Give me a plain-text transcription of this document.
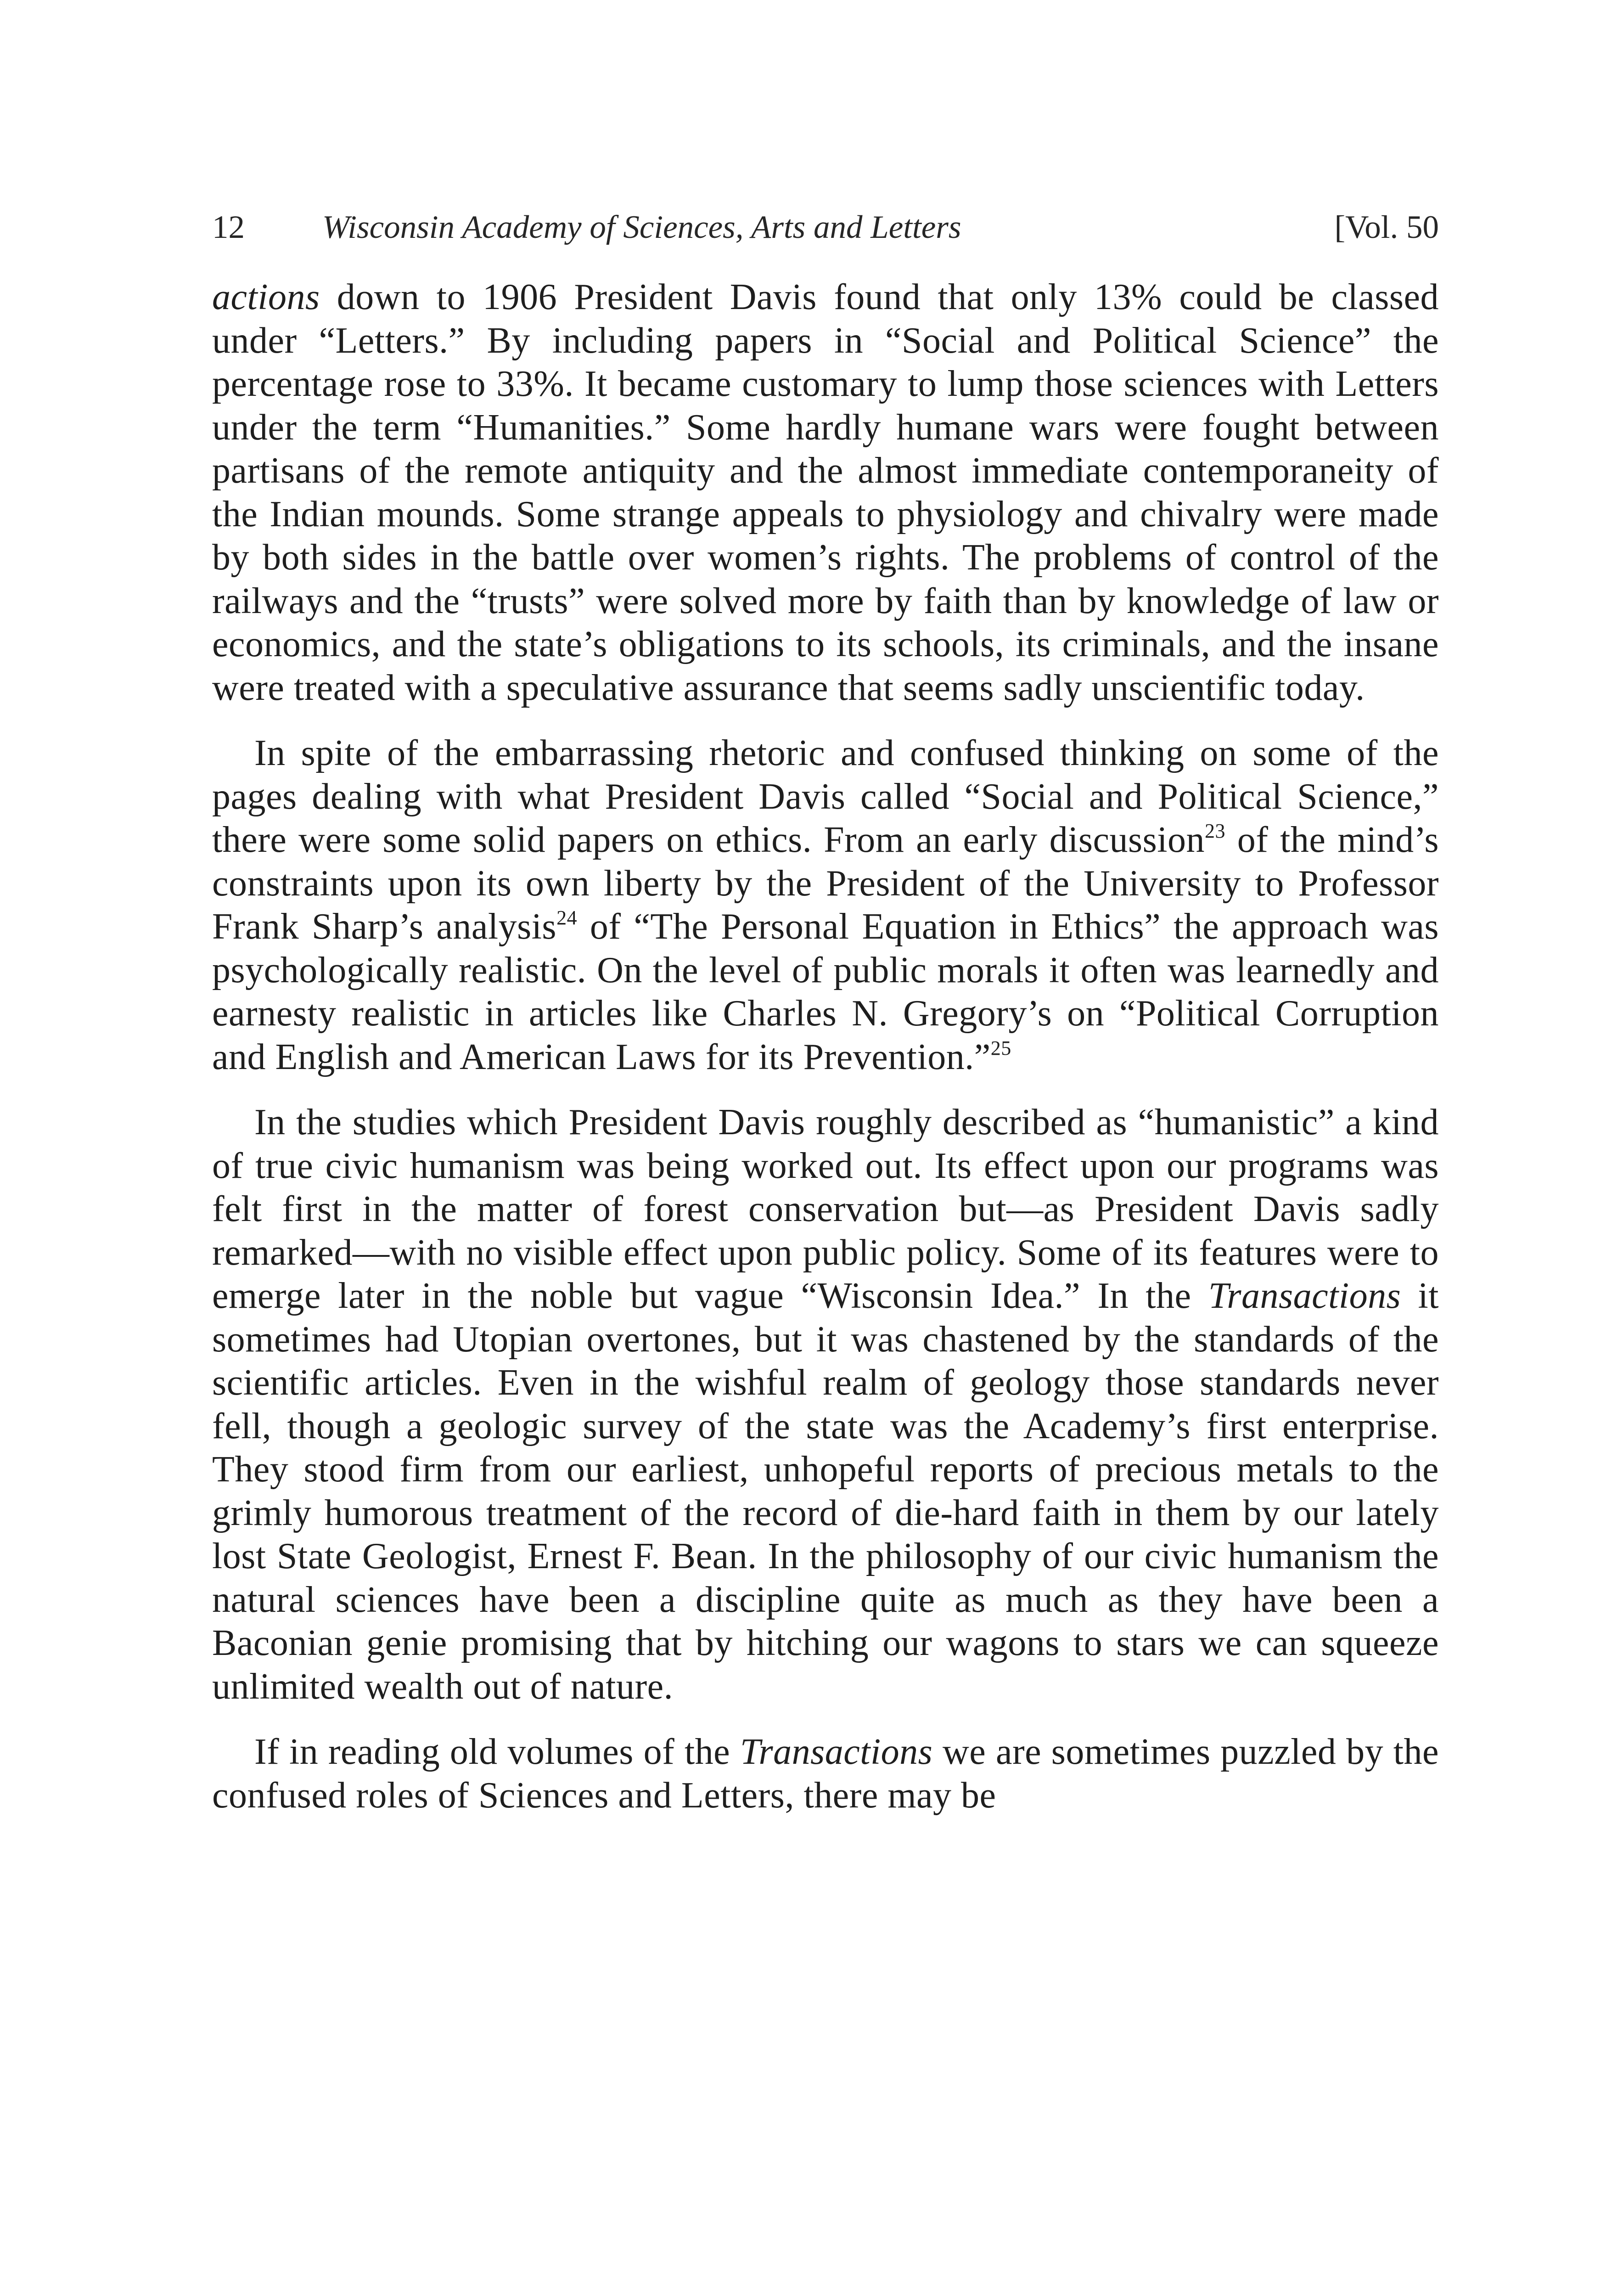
12 Wisconsin Academy of Sciences, Arts and Letters	[Vol. 50

actions down to 1906 President Davis found that only 13% could be classed under “Letters.” By including papers in “Social and Political Science” the percentage rose to 33%. It became customary to lump those sciences with Letters under the term “Humanities.” Some hardly humane wars were fought between partisans of the remote antiquity and the almost immediate contemporaneity of the Indian mounds. Some strange appeals to physiology and chivalry were made by both sides in the battle over women’s rights. The problems of control of the railways and the “trusts” were solved more by faith than by knowledge of law or economics, and the state’s obligations to its schools, its criminals, and the insane were treated with a speculative assurance that seems sadly unscientific today.

In spite of the embarrassing rhetoric and confused thinking on some of the pages dealing with what President Davis called “Social and Political Science,” there were some solid papers on ethics. From an early discussion$^{23}$ of the mind’s constraints upon its own liberty by the President of the University to Professor Frank Sharp’s analysis$^{24}$ of “The Personal Equation in Ethics” the approach was psychologically realistic. On the level of public morals it often was learnedly and earnesty realistic in articles like Charles N. Gregory’s on “Political Corruption and English and American Laws for its Prevention.”$^{25}$

In the studies which President Davis roughly described as “humanistic” a kind of true civic humanism was being worked out. Its effect upon our programs was felt first in the matter of forest conservation but—as President Davis sadly remarked—with no visible effect upon public policy. Some of its features were to emerge later in the noble but vague “Wisconsin Idea.” In the Transactions it sometimes had Utopian overtones, but it was chastened by the standards of the scientific articles. Even in the wishful realm of geology those standards never fell, though a geologic survey of the state was the Academy’s first enterprise. They stood firm from our earliest, unhopeful reports of precious metals to the grimly humorous treatment of the record of die-hard faith in them by our lately lost State Geologist, Ernest F. Bean. In the philosophy of our civic humanism the natural sciences have been a discipline quite as much as they have been a Baconian genie promising that by hitching our wagons to stars we can squeeze unlimited wealth out of nature.

If in reading old volumes of the Transactions we are sometimes puzzled by the confused roles of Sciences and Letters, there may be
